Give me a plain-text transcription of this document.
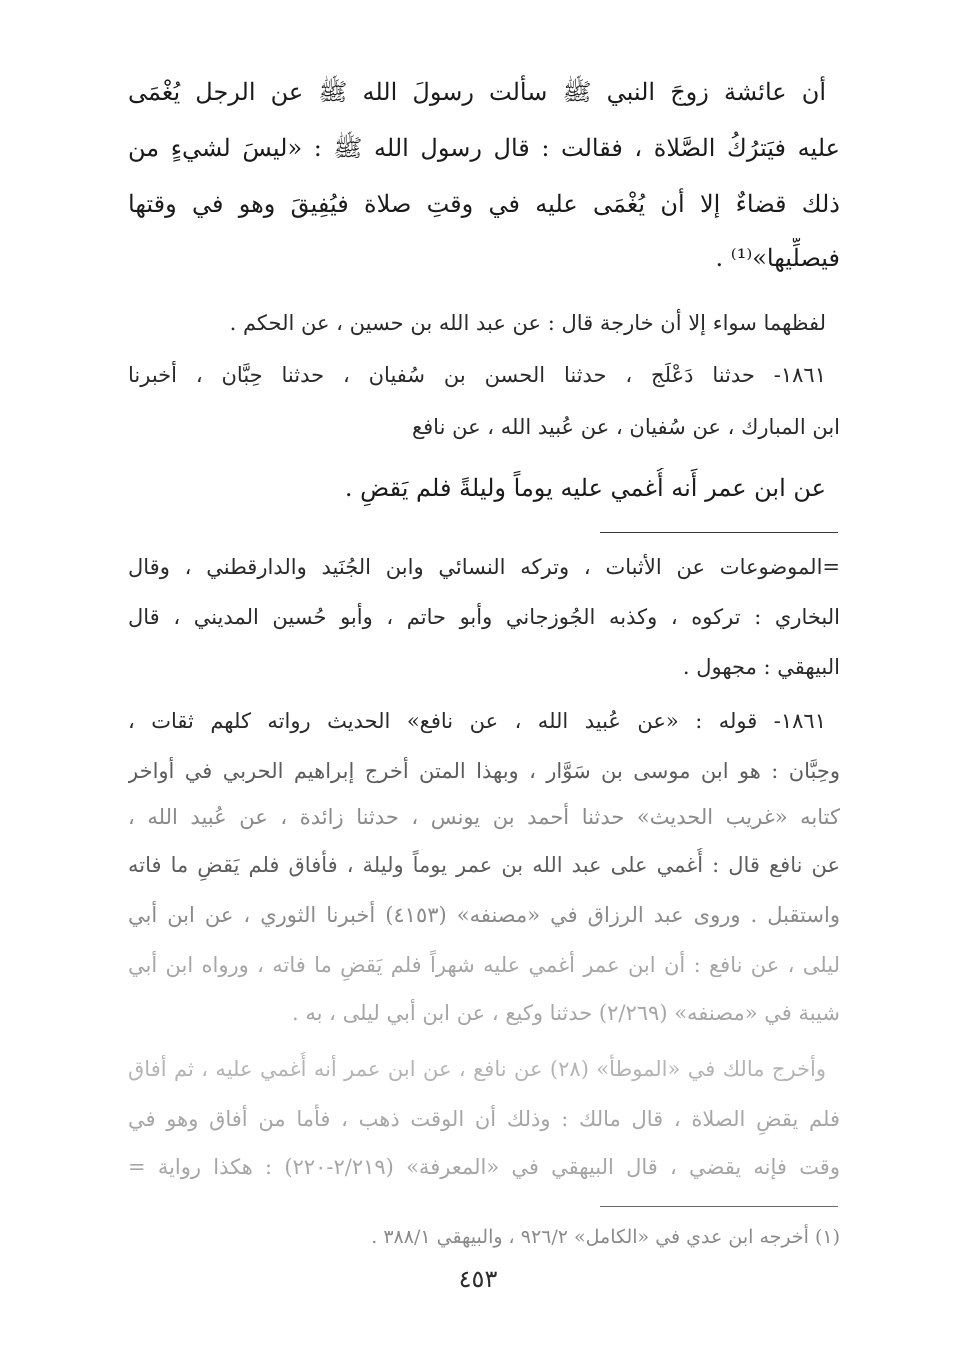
أن عائشة زوجَ النبي ﷺ سألت رسولَ الله ﷺ عن الرجل يُغْمَى

عليه فيَترُكُ الصَّلاة ، فقالت : قال رسول الله ﷺ : «ليسَ لشيءٍ من

ذلك قضاءٌ إلا أن يُغْمَى عليه في وقتِ صلاة فيُفِيقَ وهو في وقتها

فيصلِّيها»⁽¹⁾ .

لفظهما سواء إلا أن خارجة قال : عن عبد الله بن حسين ، عن الحكم .

١٨٦١- حدثنا دَعْلَج ، حدثنا الحسن بن سُفيان ، حدثنا حِبَّان ، أخبرنا

ابن المبارك ، عن سُفيان ، عن عُبيد الله ، عن نافع

عن ابن عمر أَنه أُغمي عليه يوماً وليلةً فلم يَقضِ .

=الموضوعات عن الأثبات ، وتركه النسائي وابن الجُنَيد والدارقطني ، وقال

البخاري : تركوه ، وكذبه الجُوزجاني وأبو حاتم ، وأبو حُسين المديني ، قال

البيهقي : مجهول .

١٨٦١- قوله : «عن عُبيد الله ، عن نافع» الحديث رواته كلهم ثقات ،

وحِبَّان : هو ابن موسى بن سَوَّار ، وبهذا المتن أخرج إبراهيم الحربي في أواخر

كتابه «غريب الحديث» حدثنا أحمد بن يونس ، حدثنا زائدة ، عن عُبيد الله ،

عن نافع قال : أُغمي على عبد الله بن عمر يوماً وليلة ، فأفاق فلم يَقضِ ما فاته

واستقبل . وروى عبد الرزاق في «مصنفه» (٤١٥٣) أخبرنا الثوري ، عن ابن أبي

ليلى ، عن نافع : أن ابن عمر أغمي عليه شهراً فلم يَقضِ ما فاته ، ورواه ابن أبي

شيبة في «مصنفه» (٢/٢٦٩) حدثنا وكيع ، عن ابن أبي ليلى ، به .

وأخرج مالك في «الموطأ» (٢٨) عن نافع ، عن ابن عمر أنه أُغمي عليه ، ثم أفاق

فلم يقضِ الصلاة ، قال مالك : وذلك أن الوقت ذهب ، فأما من أفاق وهو في

وقت فإنه يقضي ، قال البيهقي في «المعرفة» (٢/٢١٩-٢٢٠) : هكذا رواية =

(١) أخرجه ابن عدي في «الكامل» ٩٢٦/٢ ، والبيهقي ٣٨٨/١ .

٤٥٣
